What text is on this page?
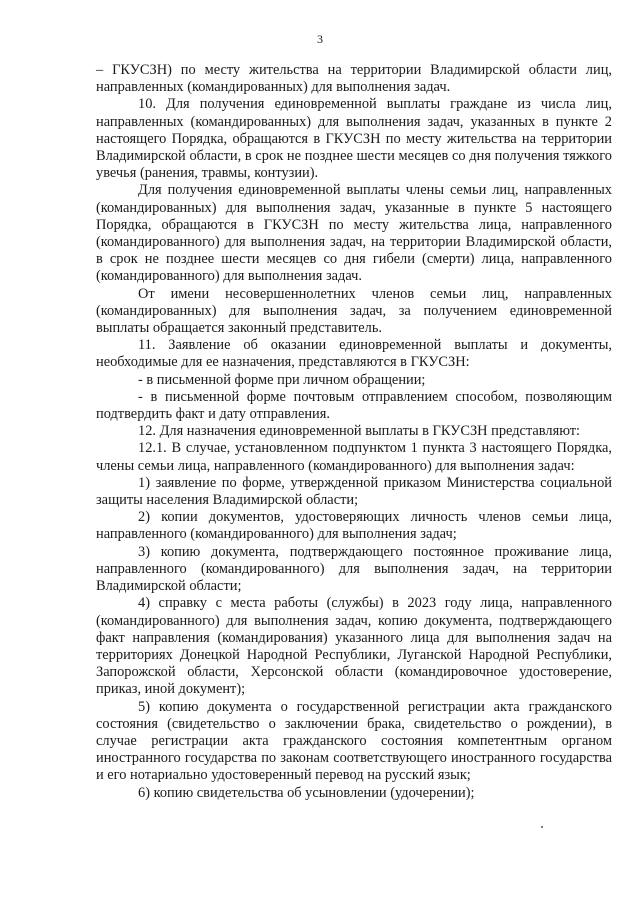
3

– ГКУСЗН) по месту жительства на территории Владимирской области лиц, направленных (командированных) для выполнения задач.

10. Для получения единовременной выплаты граждане из числа лиц, направленных (командированных) для выполнения задач, указанных в пункте 2 настоящего Порядка, обращаются в ГКУСЗН по месту жительства на территории Владимирской области, в срок не позднее шести месяцев со дня получения тяжкого увечья (ранения, травмы, контузии).

Для получения единовременной выплаты члены семьи лиц, направленных (командированных) для выполнения задач, указанные в пункте 5 настоящего Порядка, обращаются в ГКУСЗН по месту жительства лица, направленного (командированного) для выполнения задач, на территории Владимирской области, в срок не позднее шести месяцев со дня гибели (смерти) лица, направленного (командированного) для выполнения задач.

От имени несовершеннолетних членов семьи лиц, направленных (командированных) для выполнения задач, за получением единовременной выплаты обращается законный представитель.

11. Заявление об оказании единовременной выплаты и документы, необходимые для ее назначения, представляются в ГКУСЗН:

- в письменной форме при личном обращении;

- в письменной форме почтовым отправлением способом, позволяющим подтвердить факт и дату отправления.

12. Для назначения единовременной выплаты в ГКУСЗН представляют:

12.1. В случае, установленном подпунктом 1 пункта 3 настоящего Порядка, члены семьи лица, направленного (командированного) для выполнения задач:

1) заявление по форме, утвержденной приказом Министерства социальной защиты населения Владимирской области;

2) копии документов, удостоверяющих личность членов семьи лица, направленного (командированного) для выполнения задач;

3) копию документа, подтверждающего постоянное проживание лица, направленного (командированного) для выполнения задач, на территории Владимирской области;

4) справку с места работы (службы) в 2023 году лица, направленного (командированного) для выполнения задач, копию документа, подтверждающего факт направления (командирования) указанного лица для выполнения задач на территориях Донецкой Народной Республики, Луганской Народной Республики, Запорожской области, Херсонской области (командировочное удостоверение, приказ, иной документ);

5) копию документа о государственной регистрации акта гражданского состояния (свидетельство о заключении брака, свидетельство о рождении), в случае регистрации акта гражданского состояния компетентным органом иностранного государства по законам соответствующего иностранного государства и его нотариально удостоверенный перевод на русский язык;

6) копию свидетельства об усыновлении (удочерении);
